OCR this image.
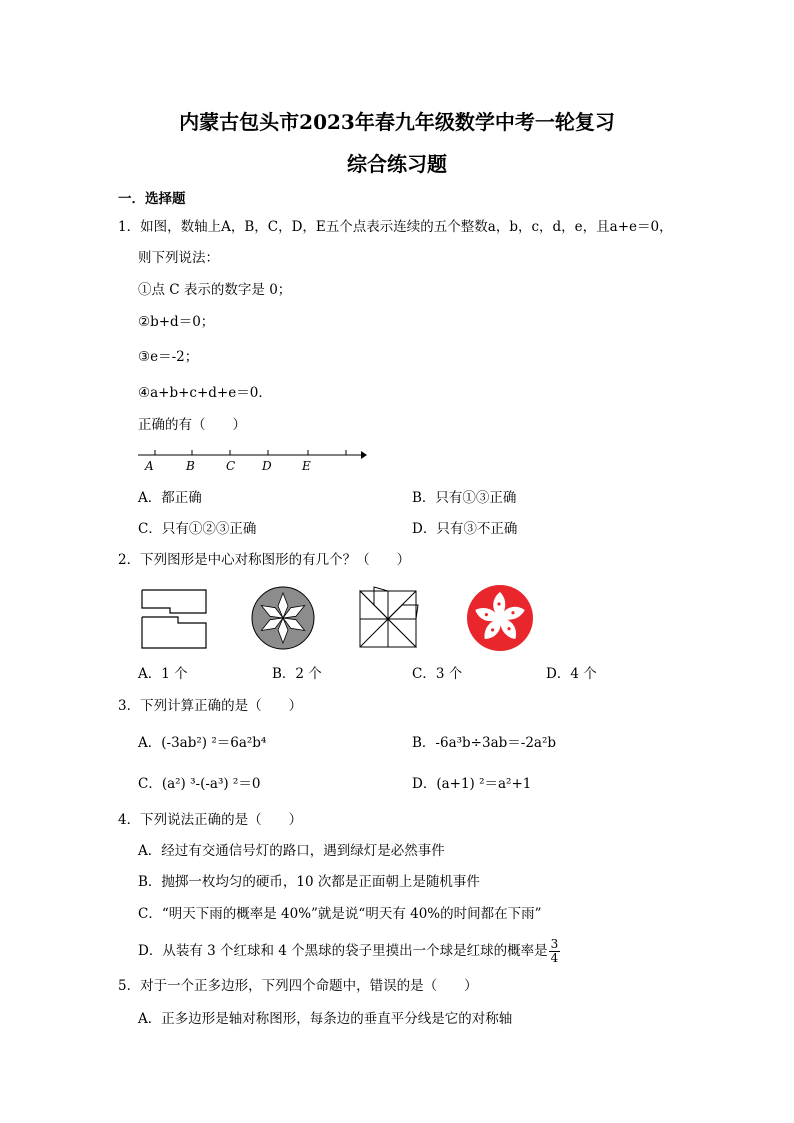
内蒙古包头市2023年春九年级数学中考一轮复习
综合练习题
一．选择题
1．如图，数轴上A，B，C，D，E五个点表示连续的五个整数a，b，c，d，e，且a+e＝0，
则下列说法：
①点 C 表示的数字是 0；
②b+d＝0；
③e＝-2；
④a+b+c+d+e＝0．
正确的有（　　）
A	B	C D	E
A．都正确	B．只有①③正确
C．只有①②③正确	D．只有③不正确
2．下列图形是中心对称图形的有几个？（　　）
A．1 个	B．2 个	C．3 个	D．4 个
3．下列计算正确的是（　　）
A．(-3ab²) ²＝6a²b⁴	B．-6a³b÷3ab＝-2a²b
C．(a²) ³-(-a³) ²＝0	D．(a+1) ²＝a²+1
4．下列说法正确的是（　　）
A．经过有交通信号灯的路口，遇到绿灯是必然事件
B．抛掷一枚均匀的硬币，10 次都是正面朝上是随机事件
C．“明天下雨的概率是 40%”就是说“明天有 40%的时间都在下雨”
D．从装有 3 个红球和 4 个黑球的袋子里摸出一个球是红球的概率是 $\frac{3}{4}$
5．对于一个正多边形，下列四个命题中，错误的是（　　）
A．正多边形是轴对称图形，每条边的垂直平分线是它的对称轴
